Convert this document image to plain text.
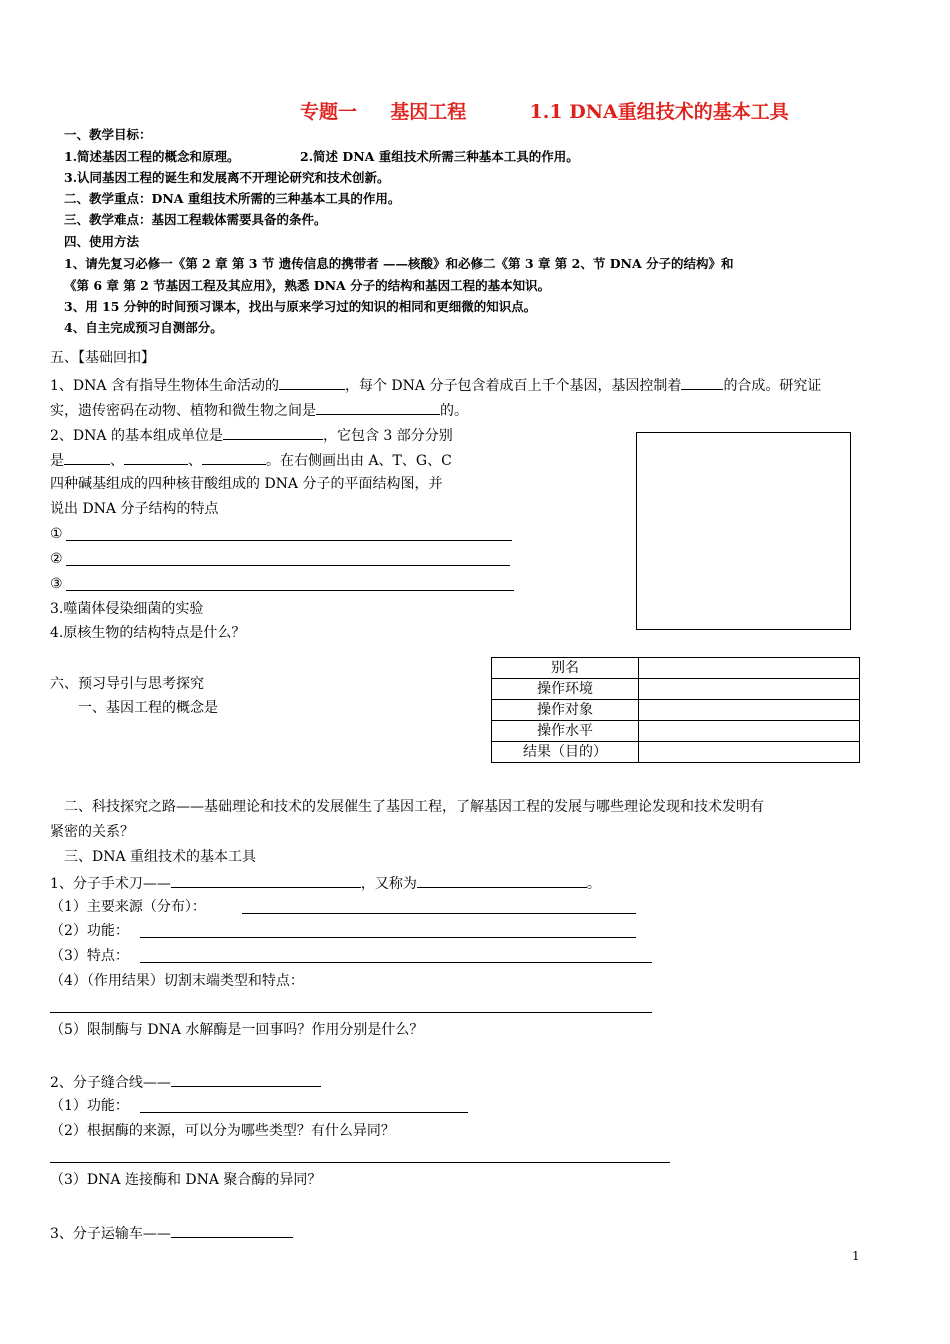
专题一 基因工程	1.1 DNA重组技术的基本工具
一、教学目标：
1.简述基因工程的概念和原理。	2.简述 DNA 重组技术所需三种基本工具的作用。
3.认同基因工程的诞生和发展离不开理论研究和技术创新。
二、教学重点：DNA 重组技术所需的三种基本工具的作用。
三、教学难点：基因工程载体需要具备的条件。
四、使用方法
1、请先复习必修一《第 2 章 第 3 节 遗传信息的携带者 ——核酸》和必修二《第 3 章 第 2、节 DNA 分子的结构》和
《第 6 章 第 2 节基因工程及其应用》，熟悉 DNA 分子的结构和基因工程的基本知识。
3、用 15 分钟的时间预习课本，找出与原来学习过的知识的相同和更细微的知识点。
4、自主完成预习自测部分。
五、【基础回扣】
1、DNA 含有指导生物体生命活动的	，每个 DNA 分子包含着成百上千个基因，基因控制着	的合成。研究证
实，遗传密码在动物、植物和微生物之间是	的。
2、DNA 的基本组成单位是	，它包含 3 部分分别
是	、	、	。在右侧画出由 A、T、G、C
四种碱基组成的四种核苷酸组成的 DNA 分子的平面结构图，并
说出 DNA 分子结构的特点
①
②
③
3.噬菌体侵染细菌的实验
4.原核生物的结构特点是什么？
六、预习导引与思考探究
一、基因工程的概念是
别名	
操作环境	
操作对象	
操作水平	
结果（目的）	
二、科技探究之路——基础理论和技术的发展催生了基因工程，了解基因工程的发展与哪些理论发现和技术发明有
紧密的关系？
三、DNA 重组技术的基本工具
1、分子手术刀——	，又称为	。
（1）主要来源（分布）：
（2）功能：
（3）特点：
（4）（作用结果）切割末端类型和特点：
（5）限制酶与 DNA 水解酶是一回事吗？作用分别是什么？
2、分子缝合线——
（1）功能：
（2）根据酶的来源，可以分为哪些类型？有什么异同？
（3）DNA 连接酶和 DNA 聚合酶的异同？
3、分子运输车——
1
